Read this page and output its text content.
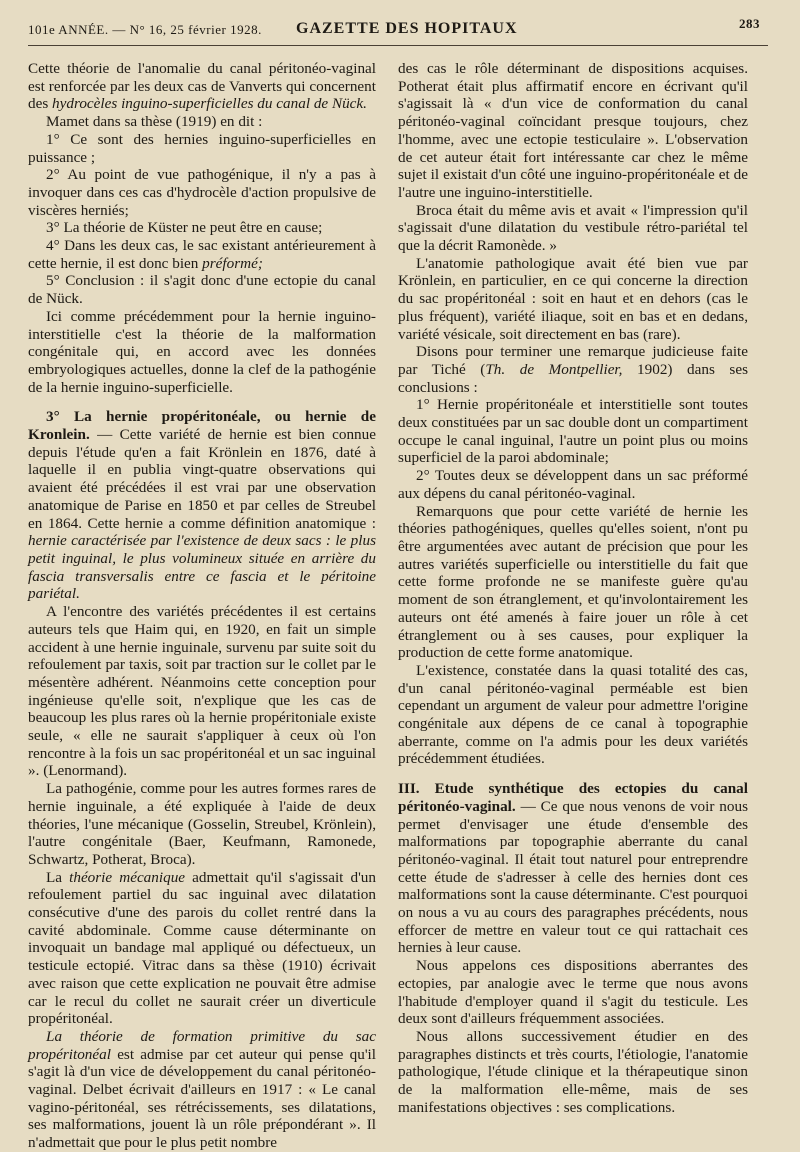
101e ANNÉE. — N° 16, 25 février 1928. GAZETTE DES HOPITAUX	283

Cette théorie de l'anomalie du canal péritonéo-vaginal est renforcée par les deux cas de Vanverts qui concernent des hydrocèles inguino-superficielles du canal de Nück.

Mamet dans sa thèse (1919) en dit :

1° Ce sont des hernies inguino-superficielles en puissance ;

2° Au point de vue pathogénique, il n'y a pas à invoquer dans ces cas d'hydrocèle d'action propulsive de viscères herniés;

3° La théorie de Küster ne peut être en cause;

4° Dans les deux cas, le sac existant antérieurement à cette hernie, il est donc bien préformé;

5° Conclusion : il s'agit donc d'une ectopie du canal de Nück.

Ici comme précédemment pour la hernie inguino-interstitielle c'est la théorie de la malformation congénitale qui, en accord avec les données embryologiques actuelles, donne la clef de la pathogénie de la hernie inguino-superficielle.

3° La hernie propéritonéale, ou hernie de Kronlein. — Cette variété de hernie est bien connue depuis l'étude qu'en a fait Krönlein en 1876, daté à laquelle il en publia vingt-quatre observations qui avaient été précédées il est vrai par une observation anatomique de Parise en 1850 et par celles de Streubel en 1864. Cette hernie a comme définition anatomique : hernie caractérisée par l'existence de deux sacs : le plus petit inguinal, le plus volumineux située en arrière du fascia transversalis entre ce fascia et le péritoine pariétal.

A l'encontre des variétés précédentes il est certains auteurs tels que Haim qui, en 1920, en fait un simple accident à une hernie inguinale, survenu par suite soit du refoulement par taxis, soit par traction sur le collet par le mésentère adhérent. Néanmoins cette conception pour ingénieuse qu'elle soit, n'explique que les cas de beaucoup les plus rares où la hernie propéritoniale existe seule, « elle ne saurait s'appliquer à ceux où l'on rencontre à la fois un sac propéritonéal et un sac inguinal ». (Lenormand).

La pathogénie, comme pour les autres formes rares de hernie inguinale, a été expliquée à l'aide de deux théories, l'une mécanique (Gosselin, Streubel, Krönlein), l'autre congénitale (Baer, Keufmann, Ramonede, Schwartz, Potherat, Broca).

La théorie mécanique admettait qu'il s'agissait d'un refoulement partiel du sac inguinal avec dilatation consécutive d'une des parois du collet rentré dans la cavité abdominale. Comme cause déterminante on invoquait un bandage mal appliqué ou défectueux, un testicule ectopié. Vitrac dans sa thèse (1910) écrivait avec raison que cette explication ne pouvait être admise car le recul du collet ne saurait créer un diverticule propéritonéal.

La théorie de formation primitive du sac propéritonéal est admise par cet auteur qui pense qu'il s'agit là d'un vice de développement du canal péritonéo-vaginal. Delbet écrivait d'ailleurs en 1917 : « Le canal vagino-péritonéal, ses rétrécissements, ses dilatations, ses malformations, jouent là un rôle prépondérant ». Il n'admettait que pour le plus petit nombre

des cas le rôle déterminant de dispositions acquises. Potherat était plus affirmatif encore en écrivant qu'il s'agissait là « d'un vice de conformation du canal péritonéo-vaginal coïncidant presque toujours, chez l'homme, avec une ectopie testiculaire ». L'observation de cet auteur était fort intéressante car chez le même sujet il existait d'un côté une inguino-propéritonéale et de l'autre une inguino-interstitielle.

Broca était du même avis et avait « l'impression qu'il s'agissait d'une dilatation du vestibule rétro-pariétal tel que la décrit Ramonède. »

L'anatomie pathologique avait été bien vue par Krönlein, en particulier, en ce qui concerne la direction du sac propéritonéal : soit en haut et en dehors (cas le plus fréquent), variété iliaque, soit en bas et en dedans, variété vésicale, soit directement en bas (rare).

Disons pour terminer une remarque judicieuse faite par Tiché (Th. de Montpellier, 1902) dans ses conclusions :

1° Hernie propéritonéale et interstitielle sont toutes deux constituées par un sac double dont un compartiment occupe le canal inguinal, l'autre un point plus ou moins superficiel de la paroi abdominale;

2° Toutes deux se développent dans un sac préformé aux dépens du canal péritonéo-vaginal.

Remarquons que pour cette variété de hernie les théories pathogéniques, quelles qu'elles soient, n'ont pu être argumentées avec autant de précision que pour les autres variétés superficielle ou interstitielle du fait que cette forme profonde ne se manifeste guère qu'au moment de son étranglement, et qu'involontairement les auteurs ont été amenés à faire jouer un rôle à cet étranglement ou à ses causes, pour expliquer la production de cette forme anatomique.

L'existence, constatée dans la quasi totalité des cas, d'un canal péritonéo-vaginal perméable est bien cependant un argument de valeur pour admettre l'origine congénitale aux dépens de ce canal à topographie aberrante, comme on l'a admis pour les deux variétés précédemment étudiées.

III. Etude synthétique des ectopies du canal péritonéo-vaginal. — Ce que nous venons de voir nous permet d'envisager une étude d'ensemble des malformations par topographie aberrante du canal péritonéo-vaginal. Il était tout naturel pour entreprendre cette étude de s'adresser à celle des hernies dont ces malformations sont la cause déterminante. C'est pourquoi on nous a vu au cours des paragraphes précédents, nous efforcer de mettre en valeur tout ce qui rattachait ces hernies à leur cause.

Nous appelons ces dispositions aberrantes des ectopies, par analogie avec le terme que nous avons l'habitude d'employer quand il s'agit du testicule. Les deux sont d'ailleurs fréquemment associées.

Nous allons successivement étudier en des paragraphes distincts et très courts, l'étiologie, l'anatomie pathologique, l'étude clinique et la thérapeutique sinon de la malformation elle-même, mais de ses manifestations objectives : ses complications.
